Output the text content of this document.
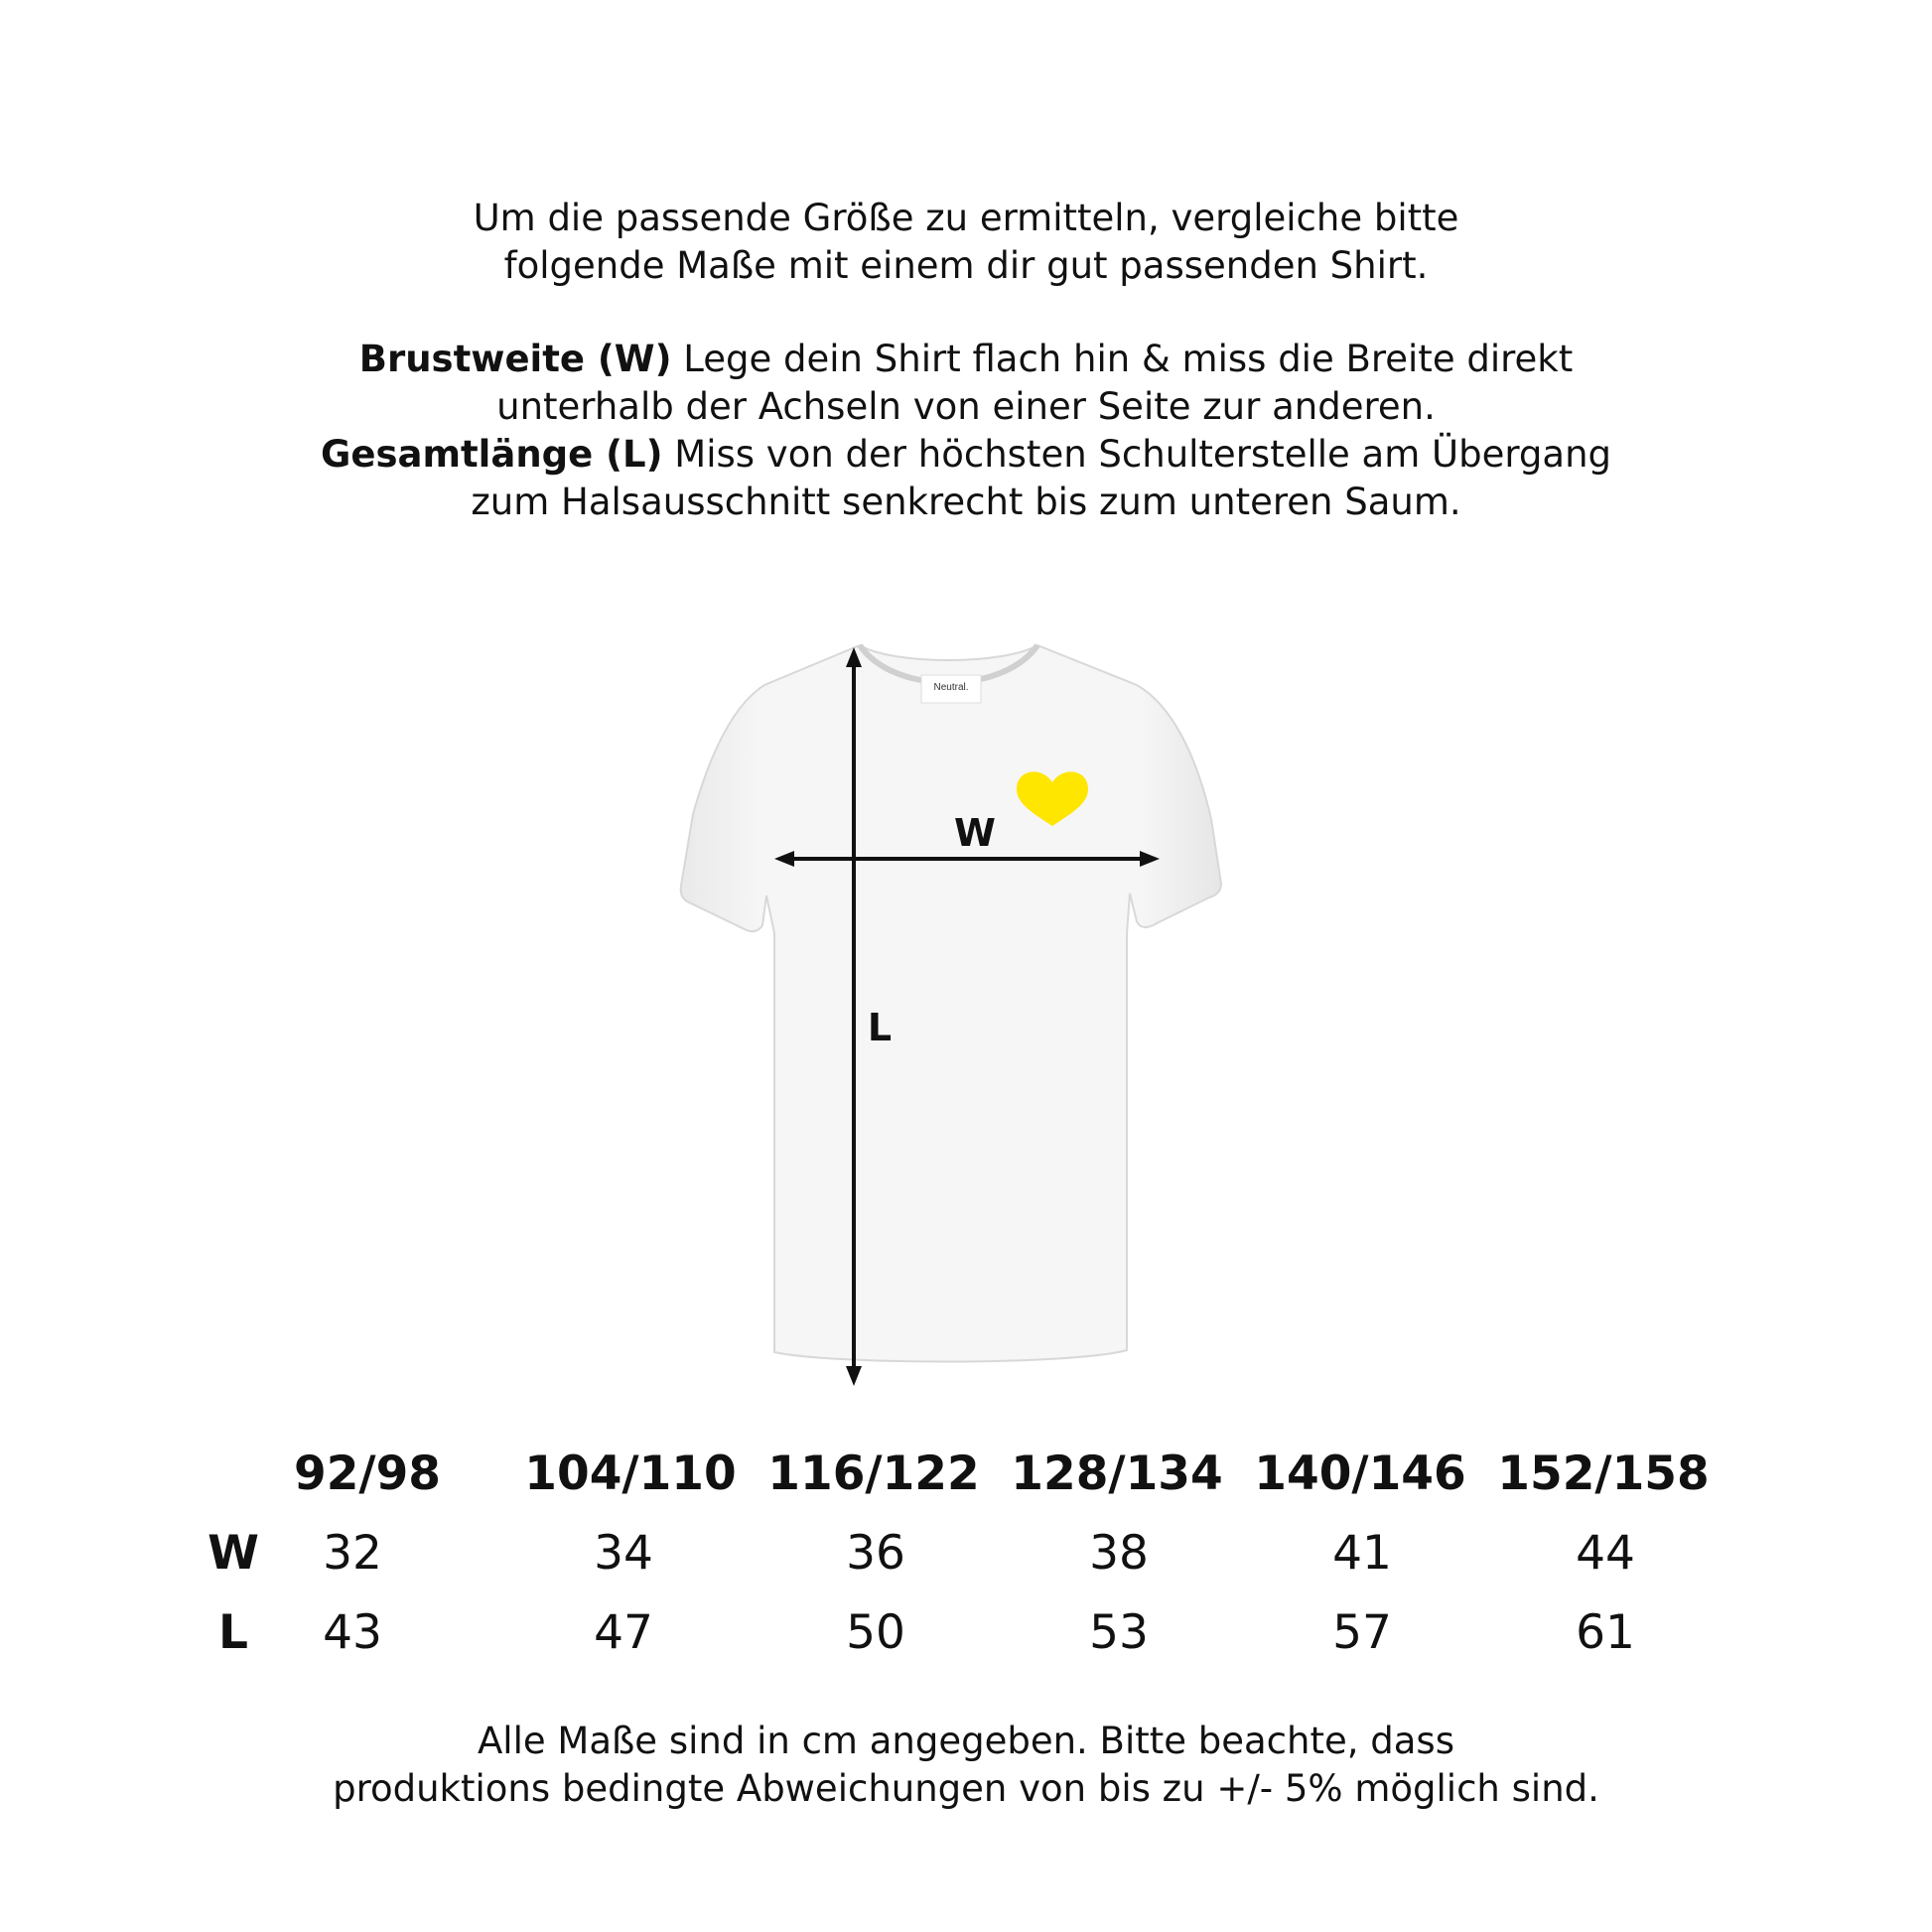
Um die passende Größe zu ermitteln, vergleiche bitte
folgende Maße mit einem dir gut passenden Shirt.
Brustweite (W) Lege dein Shirt flach hin & miss die Breite direkt
unterhalb der Achseln von einer Seite zur anderen.
Gesamtlänge (L) Miss von der höchsten Schulterstelle am Übergang
zum Halsausschnitt senkrecht bis zum unteren Saum.
Neutral.
W
L
92/98	104/110 116/122 128/134 140/146 152/158
W	32	34	36	38	41	44
L	43	47	50	53	57	61
Alle Maße sind in cm angegeben. Bitte beachte, dass
produktions bedingte Abweichungen von bis zu +/- 5% möglich sind.
